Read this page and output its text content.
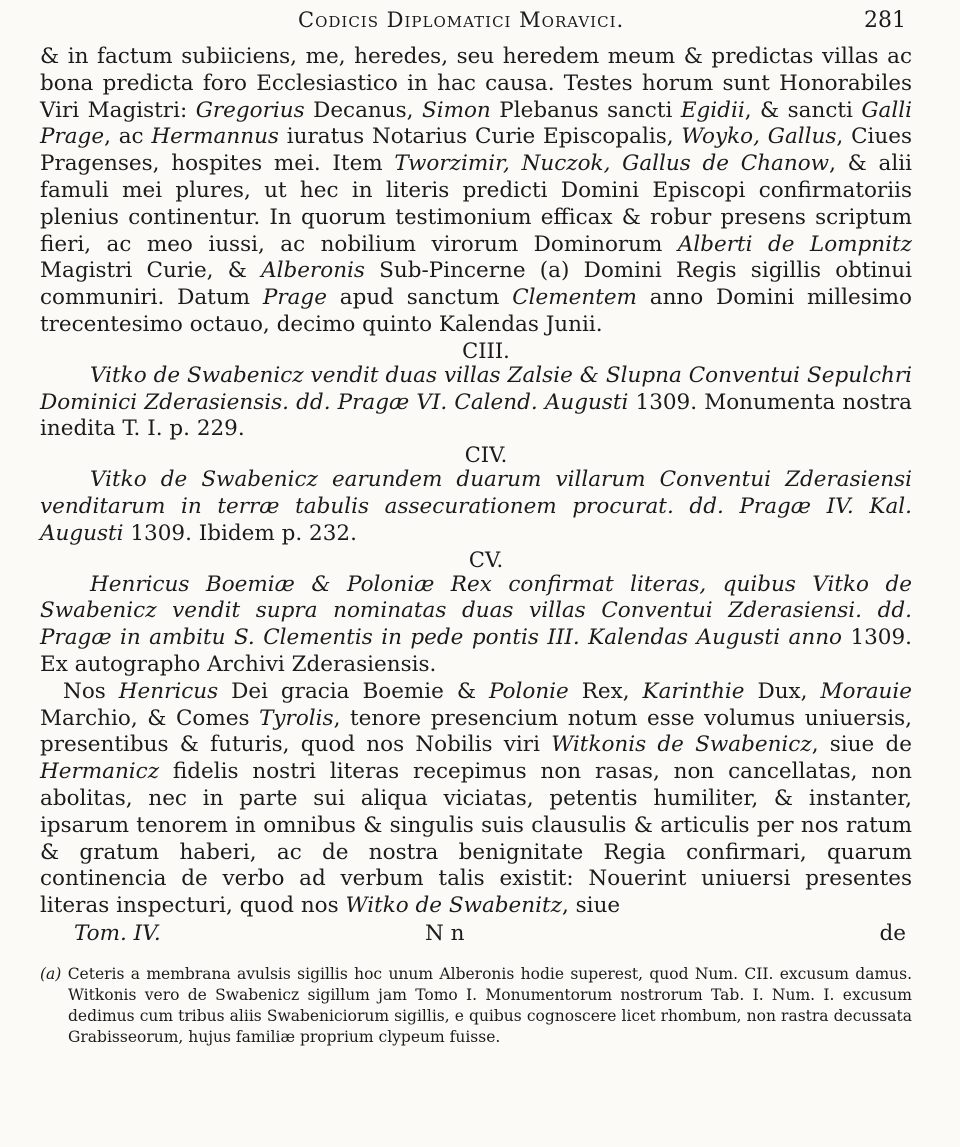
Codicis Diplomatici Moravici.	281

& in factum subiiciens, me, heredes, seu heredem meum & predictas villas ac bona predicta foro Ecclesiastico in hac causa. Testes horum sunt Honorabiles Viri Magistri: Gregorius Decanus, Simon Plebanus sancti Egidii, & sancti Galli Prage, ac Hermannus iuratus Notarius Curie Episcopalis, Woyko, Gallus, Ciues Pragenses, hospites mei. Item Tworzimir, Nuczok, Gallus de Chanow, & alii famuli mei plures, ut hec in literis predicti Domini Episcopi confirmatoriis plenius continentur. In quorum testimonium efficax & robur presens scriptum fieri, ac meo iussi, ac nobilium virorum Dominorum Alberti de Lompnitz Magistri Curie, & Alberonis Sub-Pincerne (a) Domini Regis sigillis obtinui communiri. Datum Prage apud sanctum Clementem anno Domini millesimo trecentesimo octauo, decimo quinto Kalendas Junii.

CIII.

Vitko de Swabenicz vendit duas villas Zalsie & Slupna Conventui Sepulchri Dominici Zderasiensis. dd. Pragæ VI. Calend. Augusti 1309. Monumenta nostra inedita T. I. p. 229.

CIV.

Vitko de Swabenicz earundem duarum villarum Conventui Zderasiensi venditarum in terræ tabulis assecurationem procurat. dd. Pragæ IV. Kal. Augusti 1309. Ibidem p. 232.

CV.

Henricus Boemiæ & Poloniæ Rex confirmat literas, quibus Vitko de Swabenicz vendit supra nominatas duas villas Conventui Zderasiensi. dd. Pragæ in ambitu S. Clementis in pede pontis III. Kalendas Augusti anno 1309. Ex autographo Archivi Zderasiensis.

Nos Henricus Dei gracia Boemie & Polonie Rex, Karinthie Dux, Morauie Marchio, & Comes Tyrolis, tenore presencium notum esse volumus uniuersis, presentibus & futuris, quod nos Nobilis viri Witkonis de Swabenicz, siue de Hermanicz fidelis nostri literas recepimus non rasas, non cancellatas, non abolitas, nec in parte sui aliqua viciatas, petentis humiliter, & instanter, ipsarum tenorem in omnibus & singulis suis clausulis & articulis per nos ratum & gratum haberi, ac de nostra benignitate Regia confirmari, quarum continencia de verbo ad verbum talis existit: Nouerint uniuersi presentes literas inspecturi, quod nos Witko de Swabenitz, siue

Tom. IV.	N n	de

(a) Ceteris a membrana avulsis sigillis hoc unum Alberonis hodie superest, quod Num. CII. excusum damus. Witkonis vero de Swabenicz sigillum jam Tomo I. Monumentorum nostrorum Tab. I. Num. I. excusum dedimus cum tribus aliis Swabeniciorum sigillis, e quibus cognoscere licet rhombum, non rastra decussata Grabisseorum, hujus familiæ proprium clypeum fuisse.
